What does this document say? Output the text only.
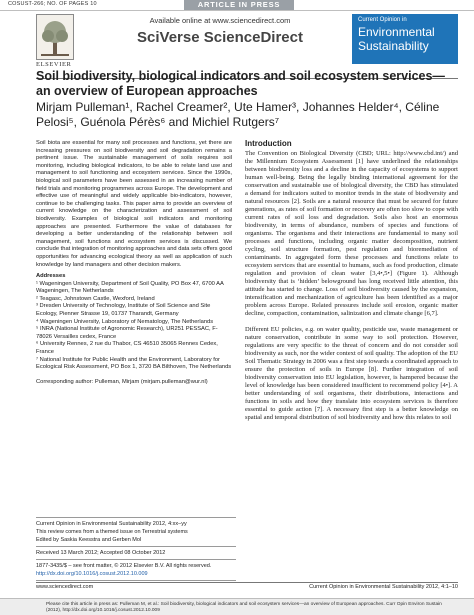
COSUST-266; NO. OF PAGES 10	ARTICLE IN PRESS
ELSEVIER
Available online at www.sciencedirect.com
SciVerse ScienceDirect
Current Opinion in
Environmental
Sustainability
Soil biodiversity, biological indicators and soil ecosystem services—an overview of European approaches
Mirjam Pulleman¹, Rachel Creamer², Ute Hamer³, Johannes Helder⁴, Céline Pelosi⁵, Guénola Pérès⁶ and Michiel Rutgers⁷
Soil biota are essential for many soil processes and functions, yet there are increasing pressures on soil biodiversity and soil degradation remains a pertinent issue. The sustainable management of soils requires soil monitoring, including biological indicators, to be able to relate land use and management to soil functioning and ecosystem services. Since the 1990s, biological soil parameters have been assessed in an increasing number of field trials and monitoring programmes across Europe. The development and effective use of meaningful and widely applicable bio-indicators, however, continue to be challenging tasks. This paper aims to provide an overview of current knowledge on the characterization and assessment of soil biodiversity. Examples of biological soil indicators and monitoring approaches are presented. Furthermore the value of databases for developing a better understanding of the relationship between soil management, soil functions and ecosystem services is discussed. We conclude that integration of monitoring approaches and data sets offers good opportunities for advancing ecological theory as well as application of such knowledge by land managers and other decision makers.
Addresses
¹ Wageningen University, Department of Soil Quality, PO Box 47, 6700 AA Wageningen, The Netherlands
² Teagasc, Johnstown Castle, Wexford, Ireland
³ Dresden University of Technology, Institute of Soil Science and Site Ecology, Pienner Strasse 19, 01737 Tharandt, Germany
⁴ Wageningen University, Laboratory of Nematology, The Netherlands
⁵ INRA (National Institute of Agronomic Research), UR251 PESSAC, F-78026 Versailles cedex, France
⁶ University Rennes, 2 rue du Thabor, CS 46510 35065 Rennes Cedex, France
⁷ National Institute for Public Health and the Environment, Laboratory for Ecological Risk Assessment, PO Box 1, 3720 BA Bilthoven, The Netherlands
Corresponding author: Pulleman, Mirjam (mirjam.pulleman@wur.nl)
Current Opinion in Environmental Sustainability 2012, 4:xx–yy
This review comes from a themed issue on Terrestrial systems
Edited by Saskia Keesstra and Gerben Mol
Received 13 March 2012; Accepted 08 October 2012
1877-3435/$ – see front matter, © 2012 Elsevier B.V. All rights reserved.
http://dx.doi.org/10.1016/j.cosust.2012.10.009
Introduction

The Convention on Biological Diversity (CBD; URL: http://www.cbd.int/) and the Millennium Ecosystem Assessment [1] have underlined the relationships between biodiversity loss and a decline in the capacity of ecosystems to support human well-being. Being the legally binding international agreement for the conservation and sustainable use of biological diversity, the CBD has stimulated a demand for indicators suited to monitor trends in the state of biodiversity and natural resources [2]. Soils are a natural resource that must be secured for future generations, as rates of soil formation or recovery are often too slow to cope with current rates of soil loss and degradation. Soils also host an enormous biodiversity, in terms of abundance, numbers of species and functions of organisms. The organisms and their interactions are fundamental to many soil processes and functions, including organic matter decomposition, nutrient cycling, soil structure formation, pest regulation and bioremediation of contaminants. In aggregated form these processes and functions relate to ecosystem services that are essential to humans, such as food production, climate regulation and provision of clean water [3,4•,5•] (Figure 1). Although biodiversity that is ‘hidden’ belowground has long received little attention, this attitude has started to change. Loss of soil biodiversity caused by the expansion, intensification and mechanization of agriculture has been identified as a major problem across Europe. Related pressures include soil erosion, organic matter decline, compaction, contamination, salinization and climate change [6,7].

Different EU policies, e.g. on water quality, pesticide use, waste management or nature conservation, contribute in some way to soil protection. However, regulations are very specific to the threat of concern and do not consider soil biodiversity as such, nor the wider context of soil quality. The adoption of the EU Soil Thematic Strategy in 2006 was a first step towards a coordinated approach to ensure the protection of soils in Europe [8]. Further integration of soil biodiversity conservation into EU legislation, however, is hampered because the level of knowledge has been considered insufficient to recommend policy [4•]. A better understanding of soil organisms, their distributions, interactions and functions in soils and how they translate into ecosystem services is therefore essential to guide action [7]. A necessary first step is a better knowledge on spatial and temporal distribution of soil biodiversity and how this relates to soil

www.sciencedirect.com	Current Opinion in Environmental Sustainability 2012, 4:1–10
Please cite this article in press as: Pulleman M, et al.: Soil biodiversity, biological indicators and soil ecosystem services—an overview of European approaches. Curr Opin Environ Sustain (2012), http://dx.doi.org/10.1016/j.cosust.2012.10.009
